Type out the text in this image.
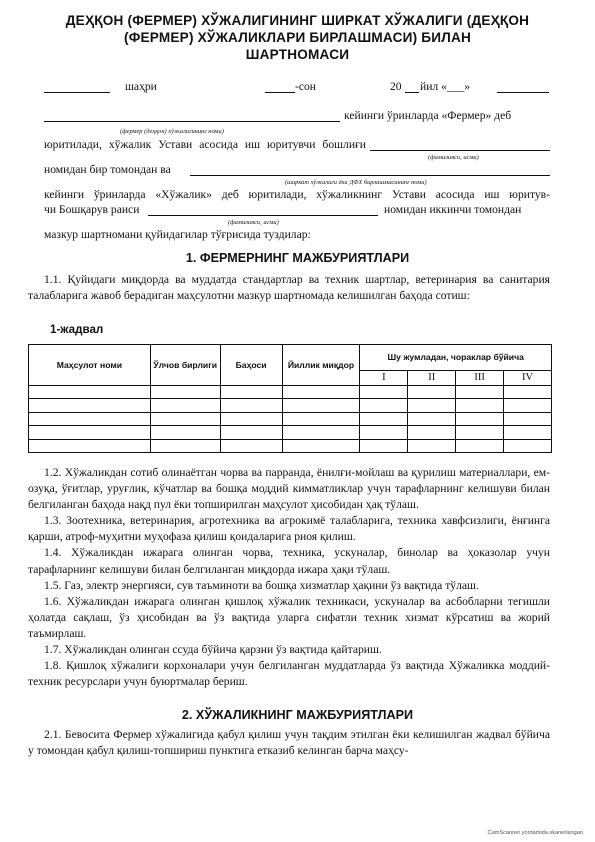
ДЕҲҚОН (ФЕРМЕР) ХЎЖАЛИГИНИНГ ШИРКАТ ХЎЖАЛИГИ (ДЕҲҚОН
(ФЕРМЕР) ХЎЖАЛИКЛАРИ БИРЛАШМАСИ) БИЛАН
ШАРТНОМАСИ
шаҳри	-сон	20 йил «___»
кейинги ўринларда «Фермер» деб
(фермер (деҳқон) хўжалигининг номи)
юритилади, хўжалик Устави асосида иш юритувчи бошлиғи
(фамилияси, исми)
номидан бир томондан ва
(ширкат хўжалиги ёки ДФХ бирлашмасининг номи)
кейинги ўринларда «Хўжалик» деб юритилади, хўжаликнинг Устави асосида иш юритув-
чи Бошқарув раиси	номидан иккинчи томондан
(фамилияси, исми)
мазкур шартномани қуйидагилар тўғрисида туздилар:
1. ФЕРМЕРНИНГ МАЖБУРИЯТЛАРИ

1.1. Қуйидаги миқдорда ва муддатда стандартлар ва техник шартлар, ветеринария ва санитария талабларига жавоб берадиган маҳсулотни мазкур шартномада келишилган баҳода сотиш:

1-жадвал
Маҳсулот номи	Ўлчов бирлиги	Баҳоси	Йиллик миқдор	Шу жумладан, чораклар бўйича			
				I	II	III	IV

1.2. Хўжаликдан сотиб олинаётган чорва ва парранда, ёнилғи-мойлаш ва қурилиш материаллари, ем-озуқа, ўғитлар, уруғлик, кўчатлар ва бошқа моддий кимматликлар учун тарафларнинг келишуви билан белгиланган баҳода нақд пул ёки топширилган маҳсулот ҳисобидан ҳақ тўлаш.

1.3. Зоотехника, ветеринария, агротехника ва агрокимё талабларига, техника хавфсизлиги, ёнғинга қарши, атроф-муҳитни муҳофаза қилиш қоидаларига риоя қилиш.

1.4. Хўжаликдан ижарага олинган чорва, техника, ускуналар, бинолар ва ҳоказолар учун тарафларнинг келишуви билан белгиланган миқдорда ижара ҳақи тўлаш.

1.5. Газ, электр энергияси, сув таъминоти ва бошқа хизматлар ҳақини ўз вақтида тўлаш.

1.6. Хўжаликдан ижарага олинган қишлоқ хўжалик техникаси, ускуналар ва асбобларни тегишли ҳолатда сақлаш, ўз ҳисобидан ва ўз вақтида уларга сифатли техник хизмат кўрсатиш ва жорий таъмирлаш.

1.7. Хўжаликдан олинган ссуда бўйича қарзни ўз вақтида қайтариш.

1.8. Қишлоқ хўжалиги корхоналари учун белгиланган муддатларда ўз вақтида Хўжаликка моддий-техник ресурслари учун буюртмалар бериш.

2. ХЎЖАЛИКНИНГ МАЖБУРИЯТЛАРИ

2.1. Бевосита Фермер хўжалигида қабул қилиш учун тақдим этилган ёки келишилган жадвал бўйича у томондан қабул қилиш-топшириш пунктига етказиб келинган барча маҳсу-

CamScanner yordamida skanerlangan
